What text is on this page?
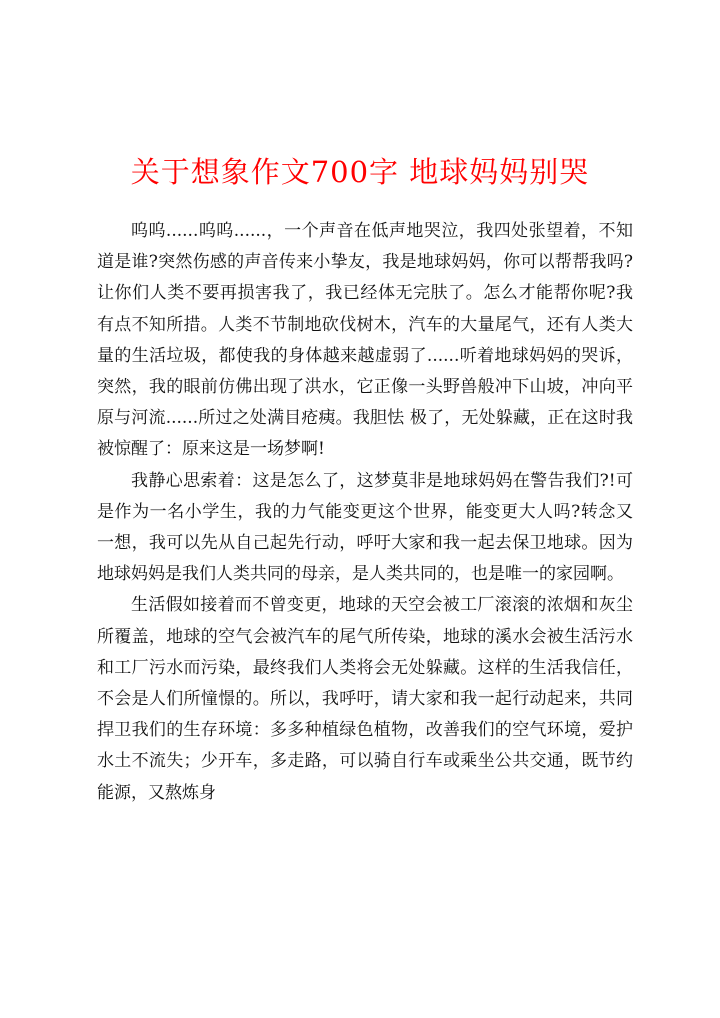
关于想象作文700字 地球妈妈别哭

呜呜......呜呜......，一个声音在低声地哭泣，我四处张望着，不知道是谁?突然伤感的声音传来小挚友，我是地球妈妈，你可以帮帮我吗?让你们人类不要再损害我了，我已经体无完肤了。怎么才能帮你呢?我有点不知所措。人类不节制地砍伐树木，汽车的大量尾气，还有人类大量的生活垃圾，都使我的身体越来越虚弱了......听着地球妈妈的哭诉，突然，我的眼前仿佛出现了洪水，它正像一头野兽般冲下山坡，冲向平原与河流......所过之处满目疮痍。我胆怯 极了，无处躲藏，正在这时我被惊醒了：原来这是一场梦啊!

我静心思索着：这是怎么了，这梦莫非是地球妈妈在警告我们?!可是作为一名小学生，我的力气能变更这个世界，能变更大人吗?转念又一想，我可以先从自己起先行动，呼吁大家和我一起去保卫地球。因为地球妈妈是我们人类共同的母亲，是人类共同的，也是唯一的家园啊。

生活假如接着而不曾变更，地球的天空会被工厂滚滚的浓烟和灰尘所覆盖，地球的空气会被汽车的尾气所传染，地球的溪水会被生活污水和工厂污水而污染，最终我们人类将会无处躲藏。这样的生活我信任，不会是人们所憧憬的。所以，我呼吁，请大家和我一起行动起来，共同捍卫我们的生存环境：多多种植绿色植物，改善我们的空气环境，爱护水土不流失；少开车，多走路，可以骑自行车或乘坐公共交通，既节约能源，又熬炼身
